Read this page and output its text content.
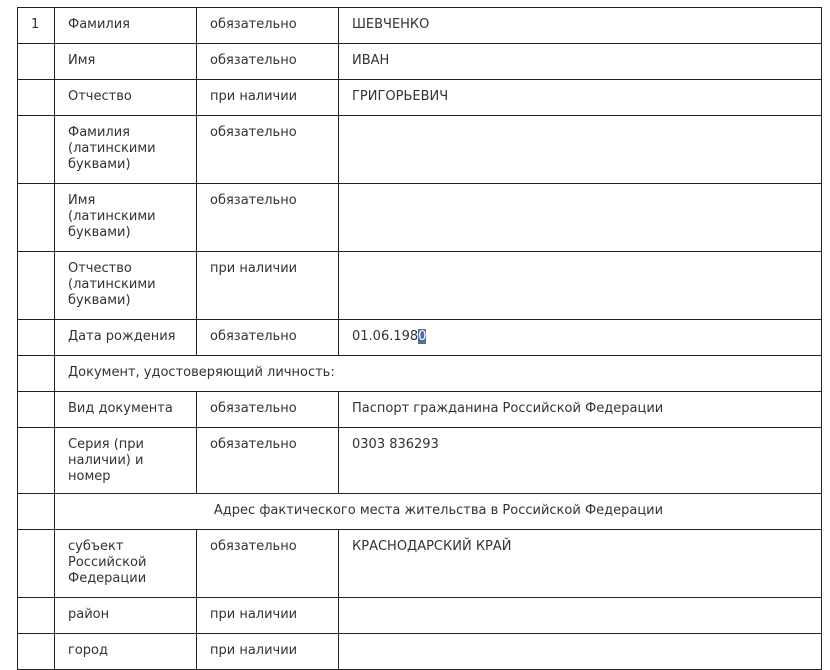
1	Фамилия	обязательно	ШЕВЧЕНКО
	Имя	обязательно	ИВАН
	Отчество	при наличии	ГРИГОРЬЕВИЧ
	Фамилия (латинскими буквами)	обязательно	
	Имя (латинскими буквами)	обязательно	
	Отчество (латинскими буквами)	при наличии	
	Дата рождения	обязательно	01.06.1980
	Документ, удостоверяющий личность:		
	Вид документа	обязательно	Паспорт гражданина Российской Федерации
	Серия (при наличии) и номер	обязательно	0303 836293
	Адрес фактического места жительства в Российской Федерации		
	субъект Российской Федерации	обязательно	КРАСНОДАРСКИЙ КРАЙ
	район	при наличии	
	город	при наличии	
